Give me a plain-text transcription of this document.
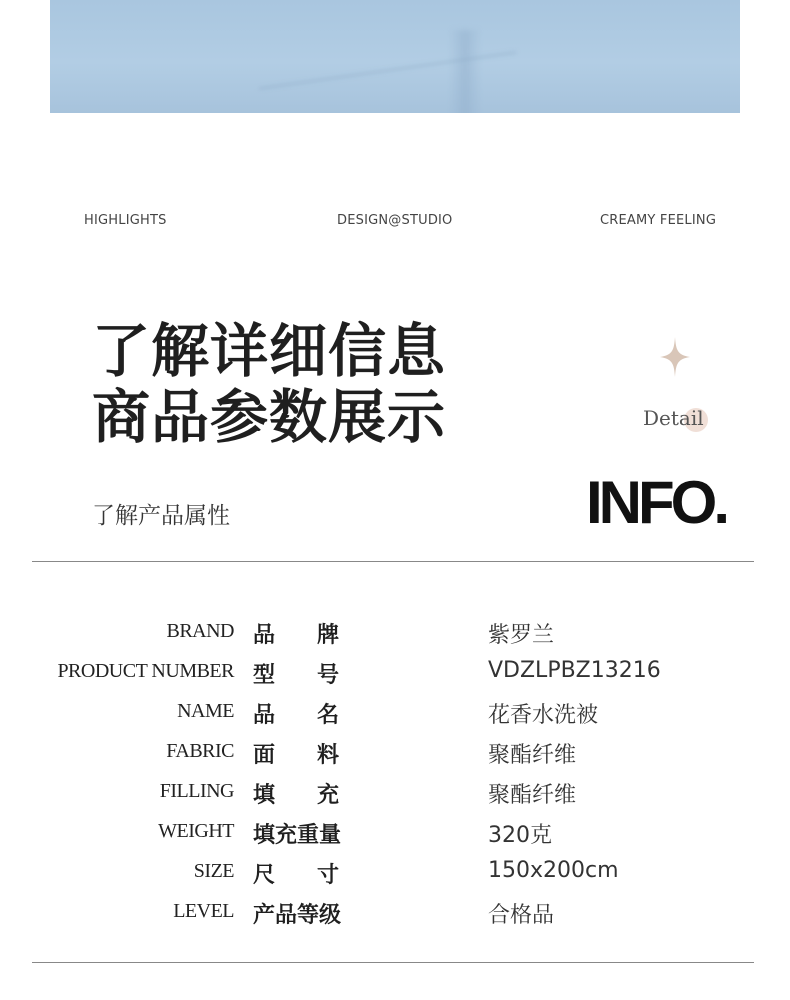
HIGHLIGHTS	DESIGN@STUDIO	CREAMY FEELING
了解详细信息
商品参数展示	Detail
了解产品属性	INFO.
BRAND 品 牌	紫罗兰
PRODUCT NUMBER 型 号	VDZLPBZ13216
NAME 品 名	花香水洗被
FABRIC 面 料	聚酯纤维
FILLING 填 充	聚酯纤维
WEIGHT 填充重量	320克
SIZE 尺 寸	150x200cm
LEVEL 产品等级	合格品
